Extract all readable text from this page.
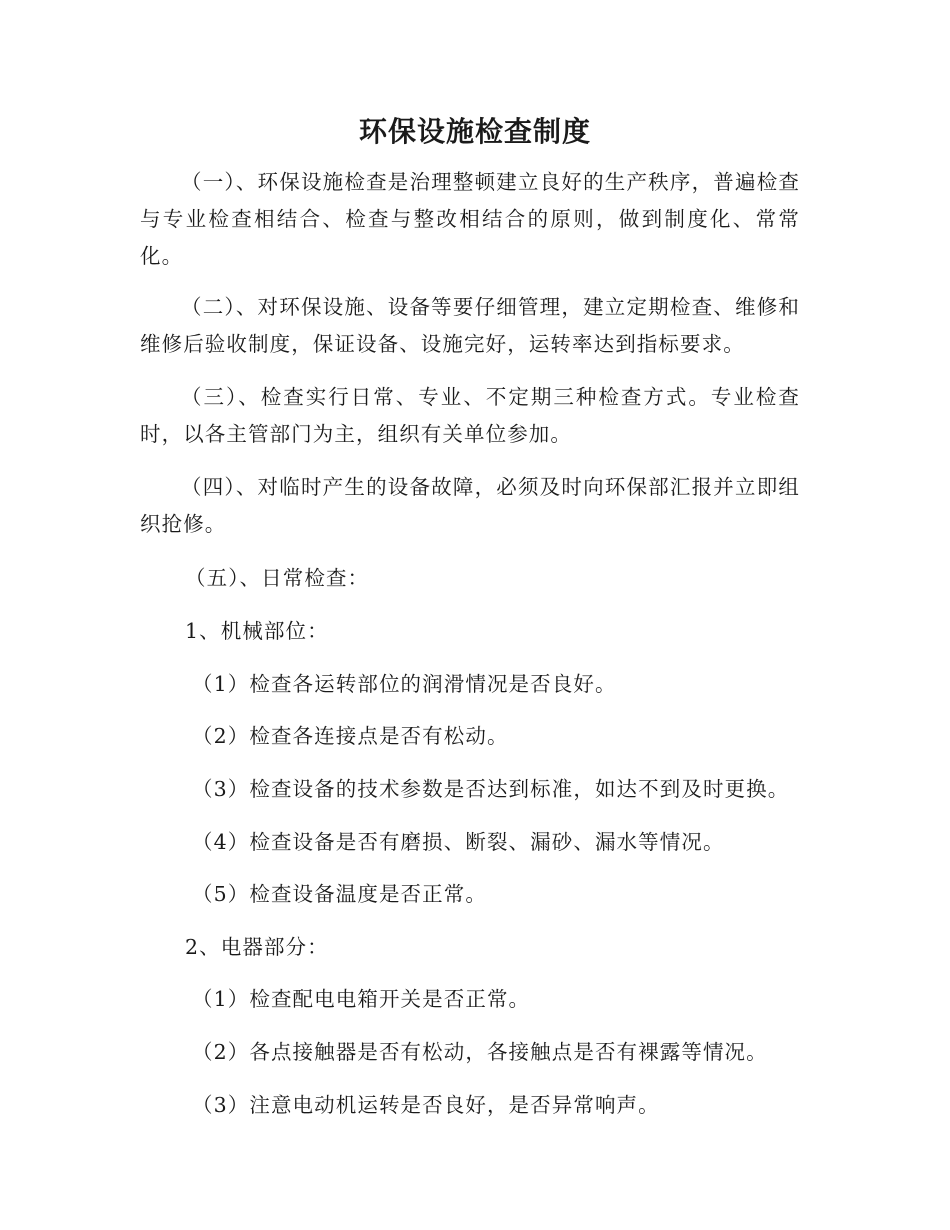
环保设施检查制度

（一）、环保设施检查是治理整顿建立良好的生产秩序，普遍检查与专业检查相结合、检查与整改相结合的原则，做到制度化、常常化。

（二）、对环保设施、设备等要仔细管理，建立定期检查、维修和维修后验收制度，保证设备、设施完好，运转率达到指标要求。

（三）、检查实行日常、专业、不定期三种检查方式。专业检查时，以各主管部门为主，组织有关单位参加。

（四）、对临时产生的设备故障，必须及时向环保部汇报并立即组织抢修。

（五）、日常检查：
1、机械部位：
（1）检查各运转部位的润滑情况是否良好。
（2）检查各连接点是否有松动。
（3）检查设备的技术参数是否达到标准，如达不到及时更换。
（4）检查设备是否有磨损、断裂、漏砂、漏水等情况。
（5）检查设备温度是否正常。
2、电器部分：
（1）检查配电电箱开关是否正常。
（2）各点接触器是否有松动，各接触点是否有裸露等情况。
（3）注意电动机运转是否良好，是否异常响声。
